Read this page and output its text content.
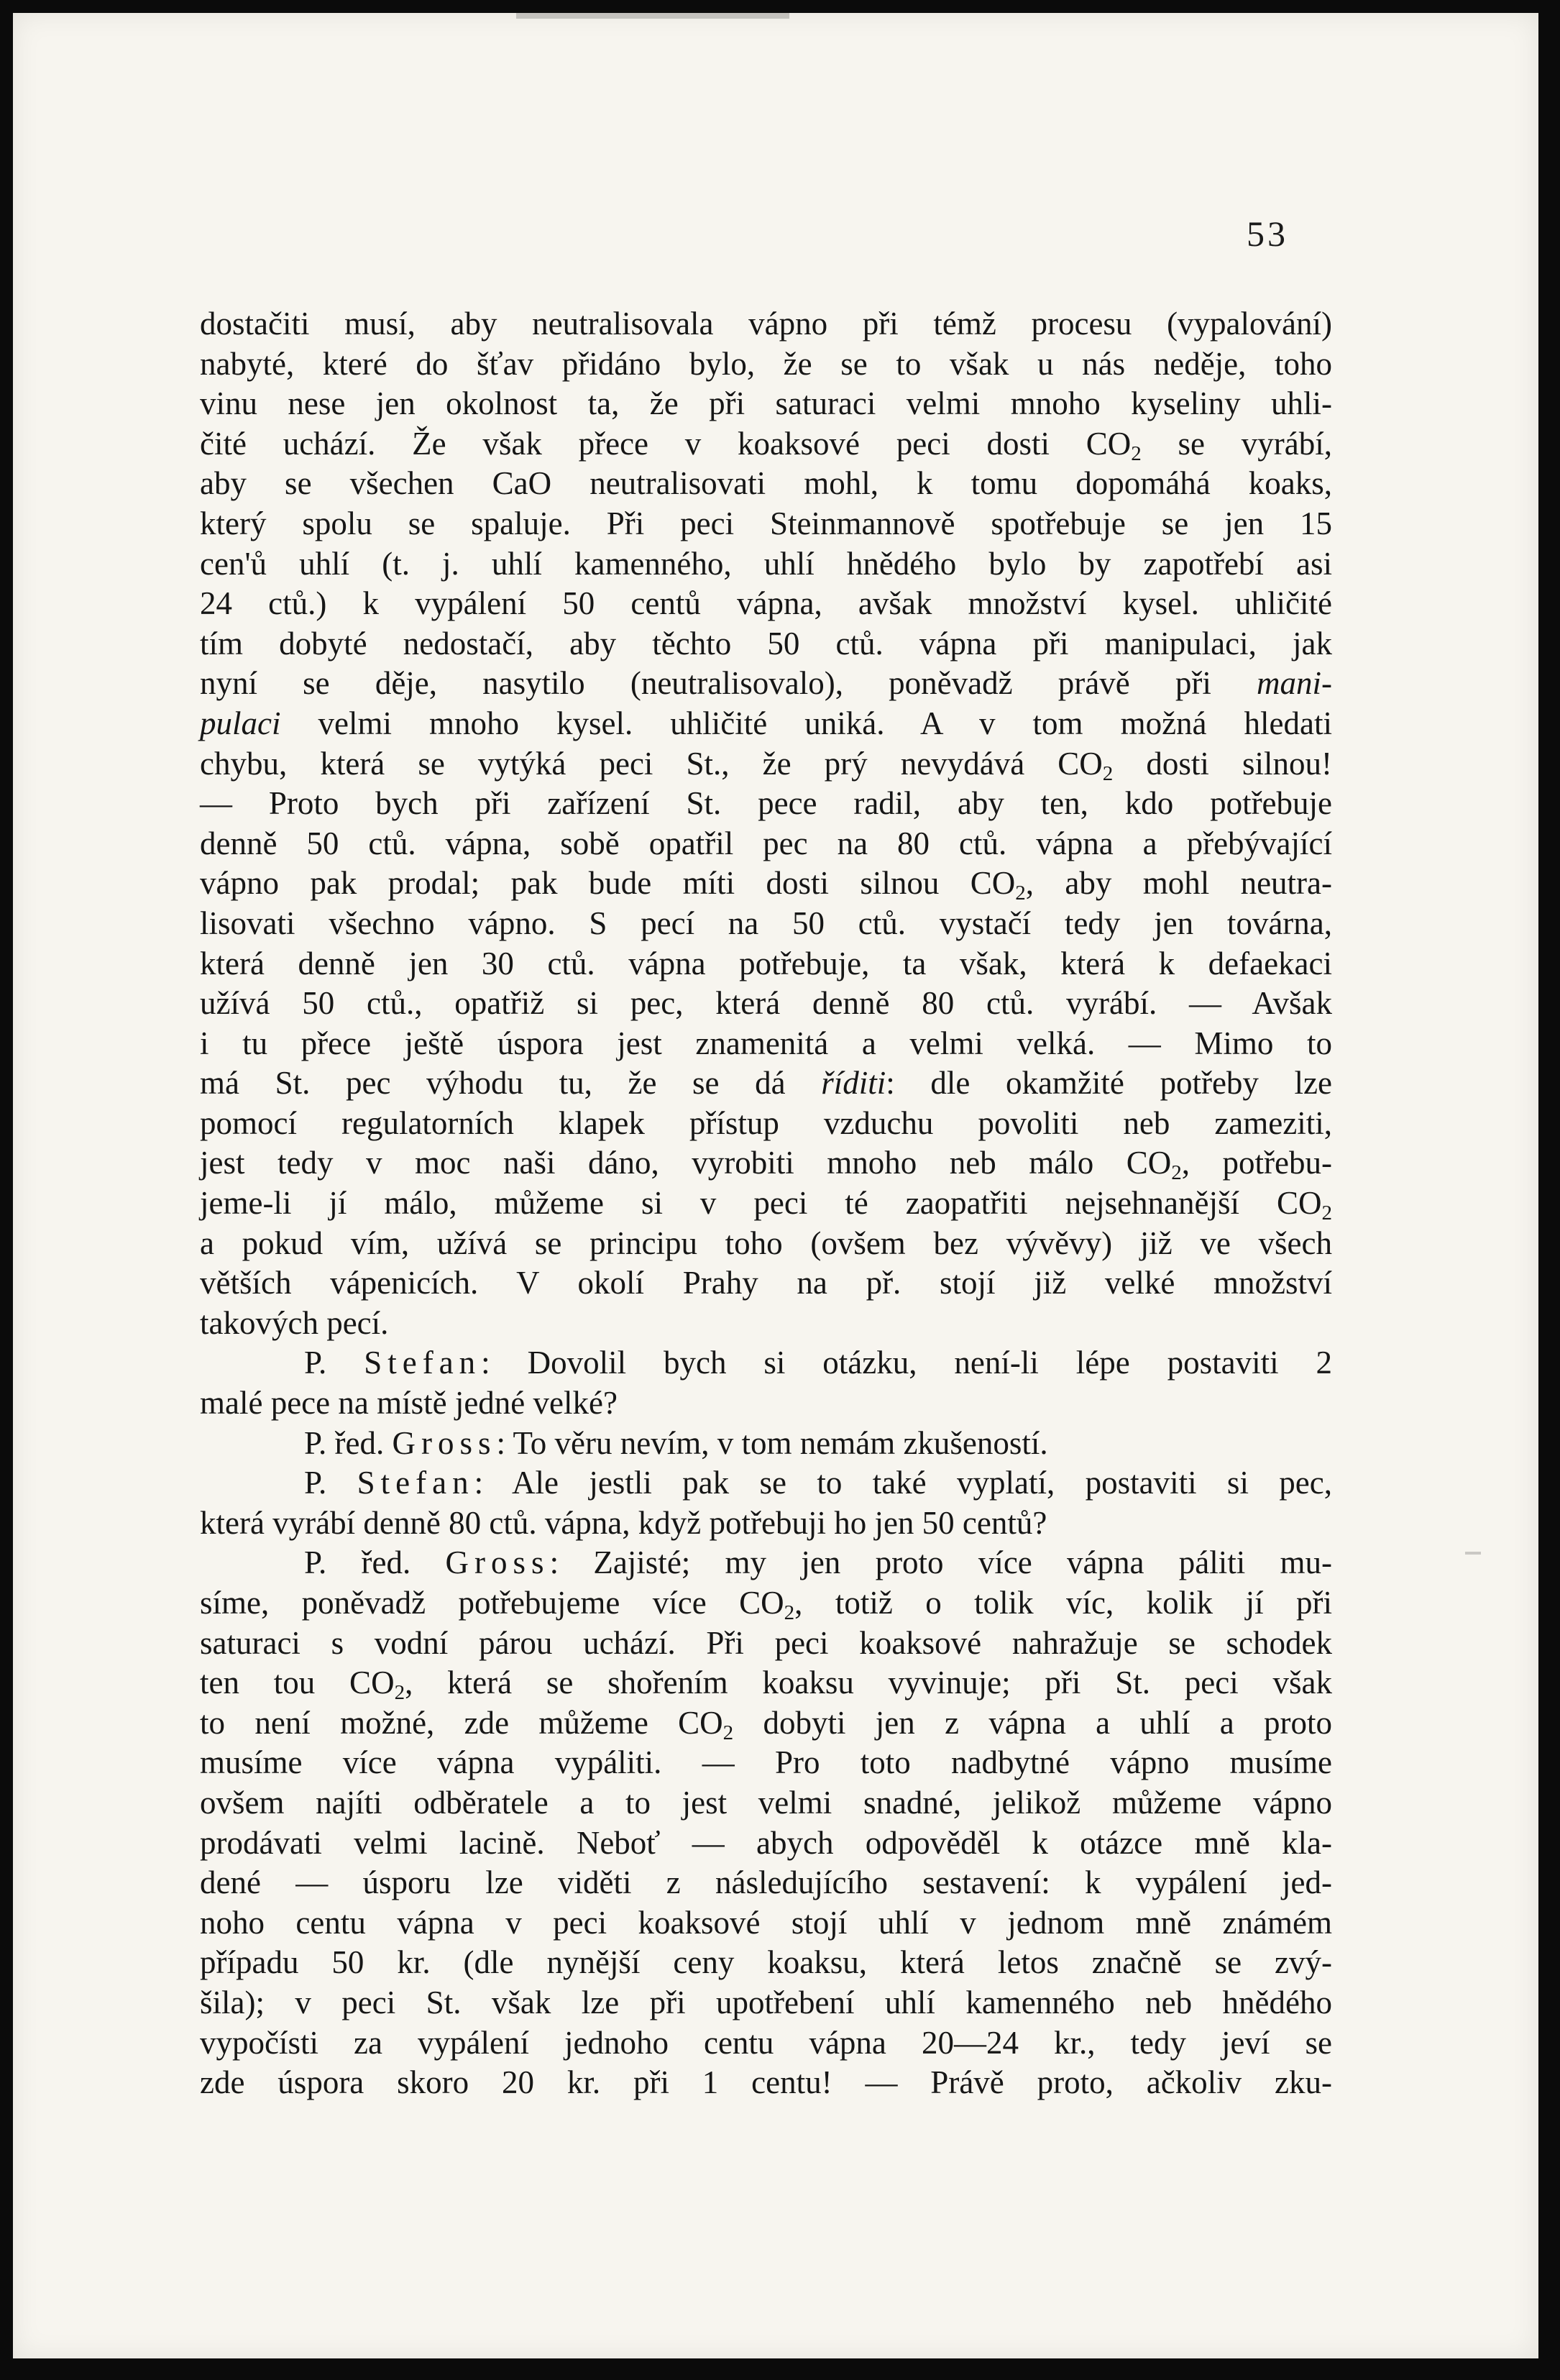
53

dostačiti musí, aby neutralisovala vápno při témž procesu (vypalování)
nabyté, které do šťav přidáno bylo, že se to však u nás neděje, toho
vinu nese jen okolnost ta, že při saturaci velmi mnoho kyseliny uhli-
čité uchází. Že však přece v koaksové peci dosti $CO_2$ se vyrábí,
aby se všechen CaO neutralisovati mohl, k tomu dopomáhá koaks,
který spolu se spaluje. Při peci Steinmannově spotřebuje se jen 15
cen'ů uhlí (t. j. uhlí kamenného, uhlí hnědého bylo by zapotřebí asi
24 ctů.) k vypálení 50 centů vápna, avšak množství kysel. uhličité
tím dobyté nedostačí, aby těchto 50 ctů. vápna při manipulaci, jak
nyní se děje, nasytilo (neutralisovalo), poněvadž právě při mani-
pulaci velmi mnoho kysel. uhličité uniká. A v tom možná hledati
chybu, která se vytýká peci St., že prý nevydává $CO_2$ dosti silnou!
— Proto bych při zařízení St. pece radil, aby ten, kdo potřebuje
denně 50 ctů. vápna, sobě opatřil pec na 80 ctů. vápna a přebývající
vápno pak prodal; pak bude míti dosti silnou $CO_2$, aby mohl neutra-
lisovati všechno vápno. S pecí na 50 ctů. vystačí tedy jen továrna,
která denně jen 30 ctů. vápna potřebuje, ta však, která k defaekaci
užívá 50 ctů., opatřiž si pec, která denně 80 ctů. vyrábí. — Avšak
i tu přece ještě úspora jest znamenitá a velmi velká. — Mimo to
má St. pec výhodu tu, že se dá říditi: dle okamžité potřeby lze
pomocí regulatorních klapek přístup vzduchu povoliti neb zameziti,
jest tedy v moc naši dáno, vyrobiti mnoho neb málo $CO_2$, potřebu-
jeme-li jí málo, můžeme si v peci té zaopatřiti nejsehnanější $CO_2$
a pokud vím, užívá se principu toho (ovšem bez vývěvy) již ve všech
větších vápenicích. V okolí Prahy na př. stojí již velké množství
takových pecí.
P. Stefan: Dovolil bych si otázku, není-li lépe postaviti 2
malé pece na místě jedné velké?
P. řed. Gross: To věru nevím, v tom nemám zkušeností.
P. Stefan: Ale jestli pak se to také vyplatí, postaviti si pec,
která vyrábí denně 80 ctů. vápna, když potřebuji ho jen 50 centů?
P. řed. Gross: Zajisté; my jen proto více vápna páliti mu-
síme, poněvadž potřebujeme více $CO_2$, totiž o tolik víc, kolik jí při
saturaci s vodní párou uchází. Při peci koaksové nahražuje se schodek
ten tou $CO_2$, která se shořením koaksu vyvinuje; při St. peci však
to není možné, zde můžeme $CO_2$ dobyti jen z vápna a uhlí a proto
musíme více vápna vypáliti. — Pro toto nadbytné vápno musíme
ovšem najíti odběratele a to jest velmi snadné, jelikož můžeme vápno
prodávati velmi lacině. Neboť — abych odpověděl k otázce mně kla-
dené — úsporu lze viděti z následujícího sestavení: k vypálení jed-
noho centu vápna v peci koaksové stojí uhlí v jednom mně známém
případu 50 kr. (dle nynější ceny koaksu, která letos značně se zvý-
šila); v peci St. však lze při upotřebení uhlí kamenného neb hnědého
vypočísti za vypálení jednoho centu vápna 20—24 kr., tedy jeví se
zde úspora skoro 20 kr. při 1 centu! — Právě proto, ačkoliv zku-
